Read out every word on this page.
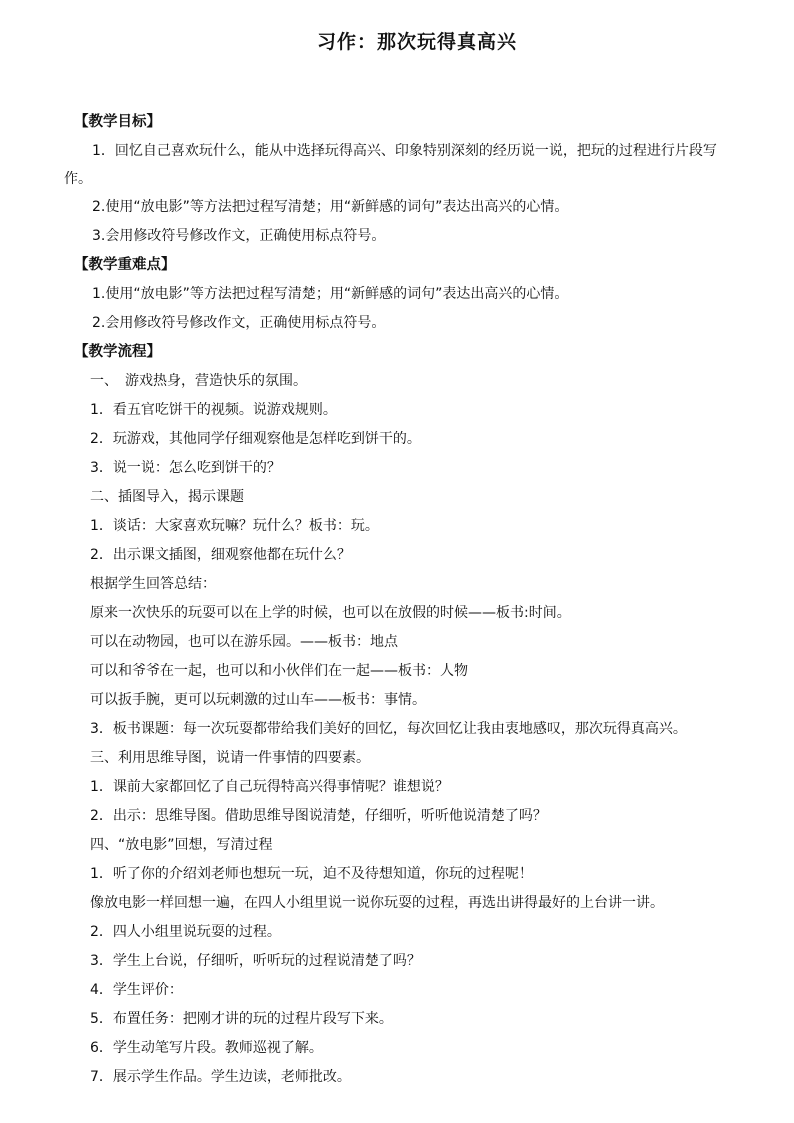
习作：那次玩得真高兴

【教学目标】

1．回忆自己喜欢玩什么，能从中选择玩得高兴、印象特别深刻的经历说一说，把玩的过程进行片段写作。

2.使用“放电影”等方法把过程写清楚；用“新鲜感的词句”表达出高兴的心情。

3.会用修改符号修改作文，正确使用标点符号。

【教学重难点】

1.使用“放电影”等方法把过程写清楚；用“新鲜感的词句”表达出高兴的心情。

2.会用修改符号修改作文，正确使用标点符号。

【教学流程】

一、　游戏热身，营造快乐的氛围。

1．看五官吃饼干的视频。说游戏规则。

2．玩游戏，其他同学仔细观察他是怎样吃到饼干的。

3．说一说：怎么吃到饼干的？

二、插图导入，揭示课题

1．谈话：大家喜欢玩嘛？玩什么？板书：玩。

2．出示课文插图，细观察他都在玩什么？

根据学生回答总结：

原来一次快乐的玩耍可以在上学的时候，也可以在放假的时候——板书:时间。

可以在动物园，也可以在游乐园。——板书：地点

可以和爷爷在一起，也可以和小伙伴们在一起——板书：人物

可以扳手腕，更可以玩刺激的过山车——板书：事情。

3．板书课题：每一次玩耍都带给我们美好的回忆，每次回忆让我由衷地感叹，那次玩得真高兴。

三、利用思维导图，说请一件事情的四要素。

1．课前大家都回忆了自己玩得特高兴得事情呢？谁想说？

2．出示：思维导图。借助思维导图说清楚，仔细听，听听他说清楚了吗？

四、“放电影”回想，写清过程

1．听了你的介绍刘老师也想玩一玩，迫不及待想知道，你玩的过程呢！

像放电影一样回想一遍，在四人小组里说一说你玩耍的过程，再选出讲得最好的上台讲一讲。

2．四人小组里说玩耍的过程。

3．学生上台说，仔细听，听听玩的过程说清楚了吗？

4．学生评价：

5．布置任务：把刚才讲的玩的过程片段写下来。

6．学生动笔写片段。教师巡视了解。

7．展示学生作品。学生边读，老师批改。
